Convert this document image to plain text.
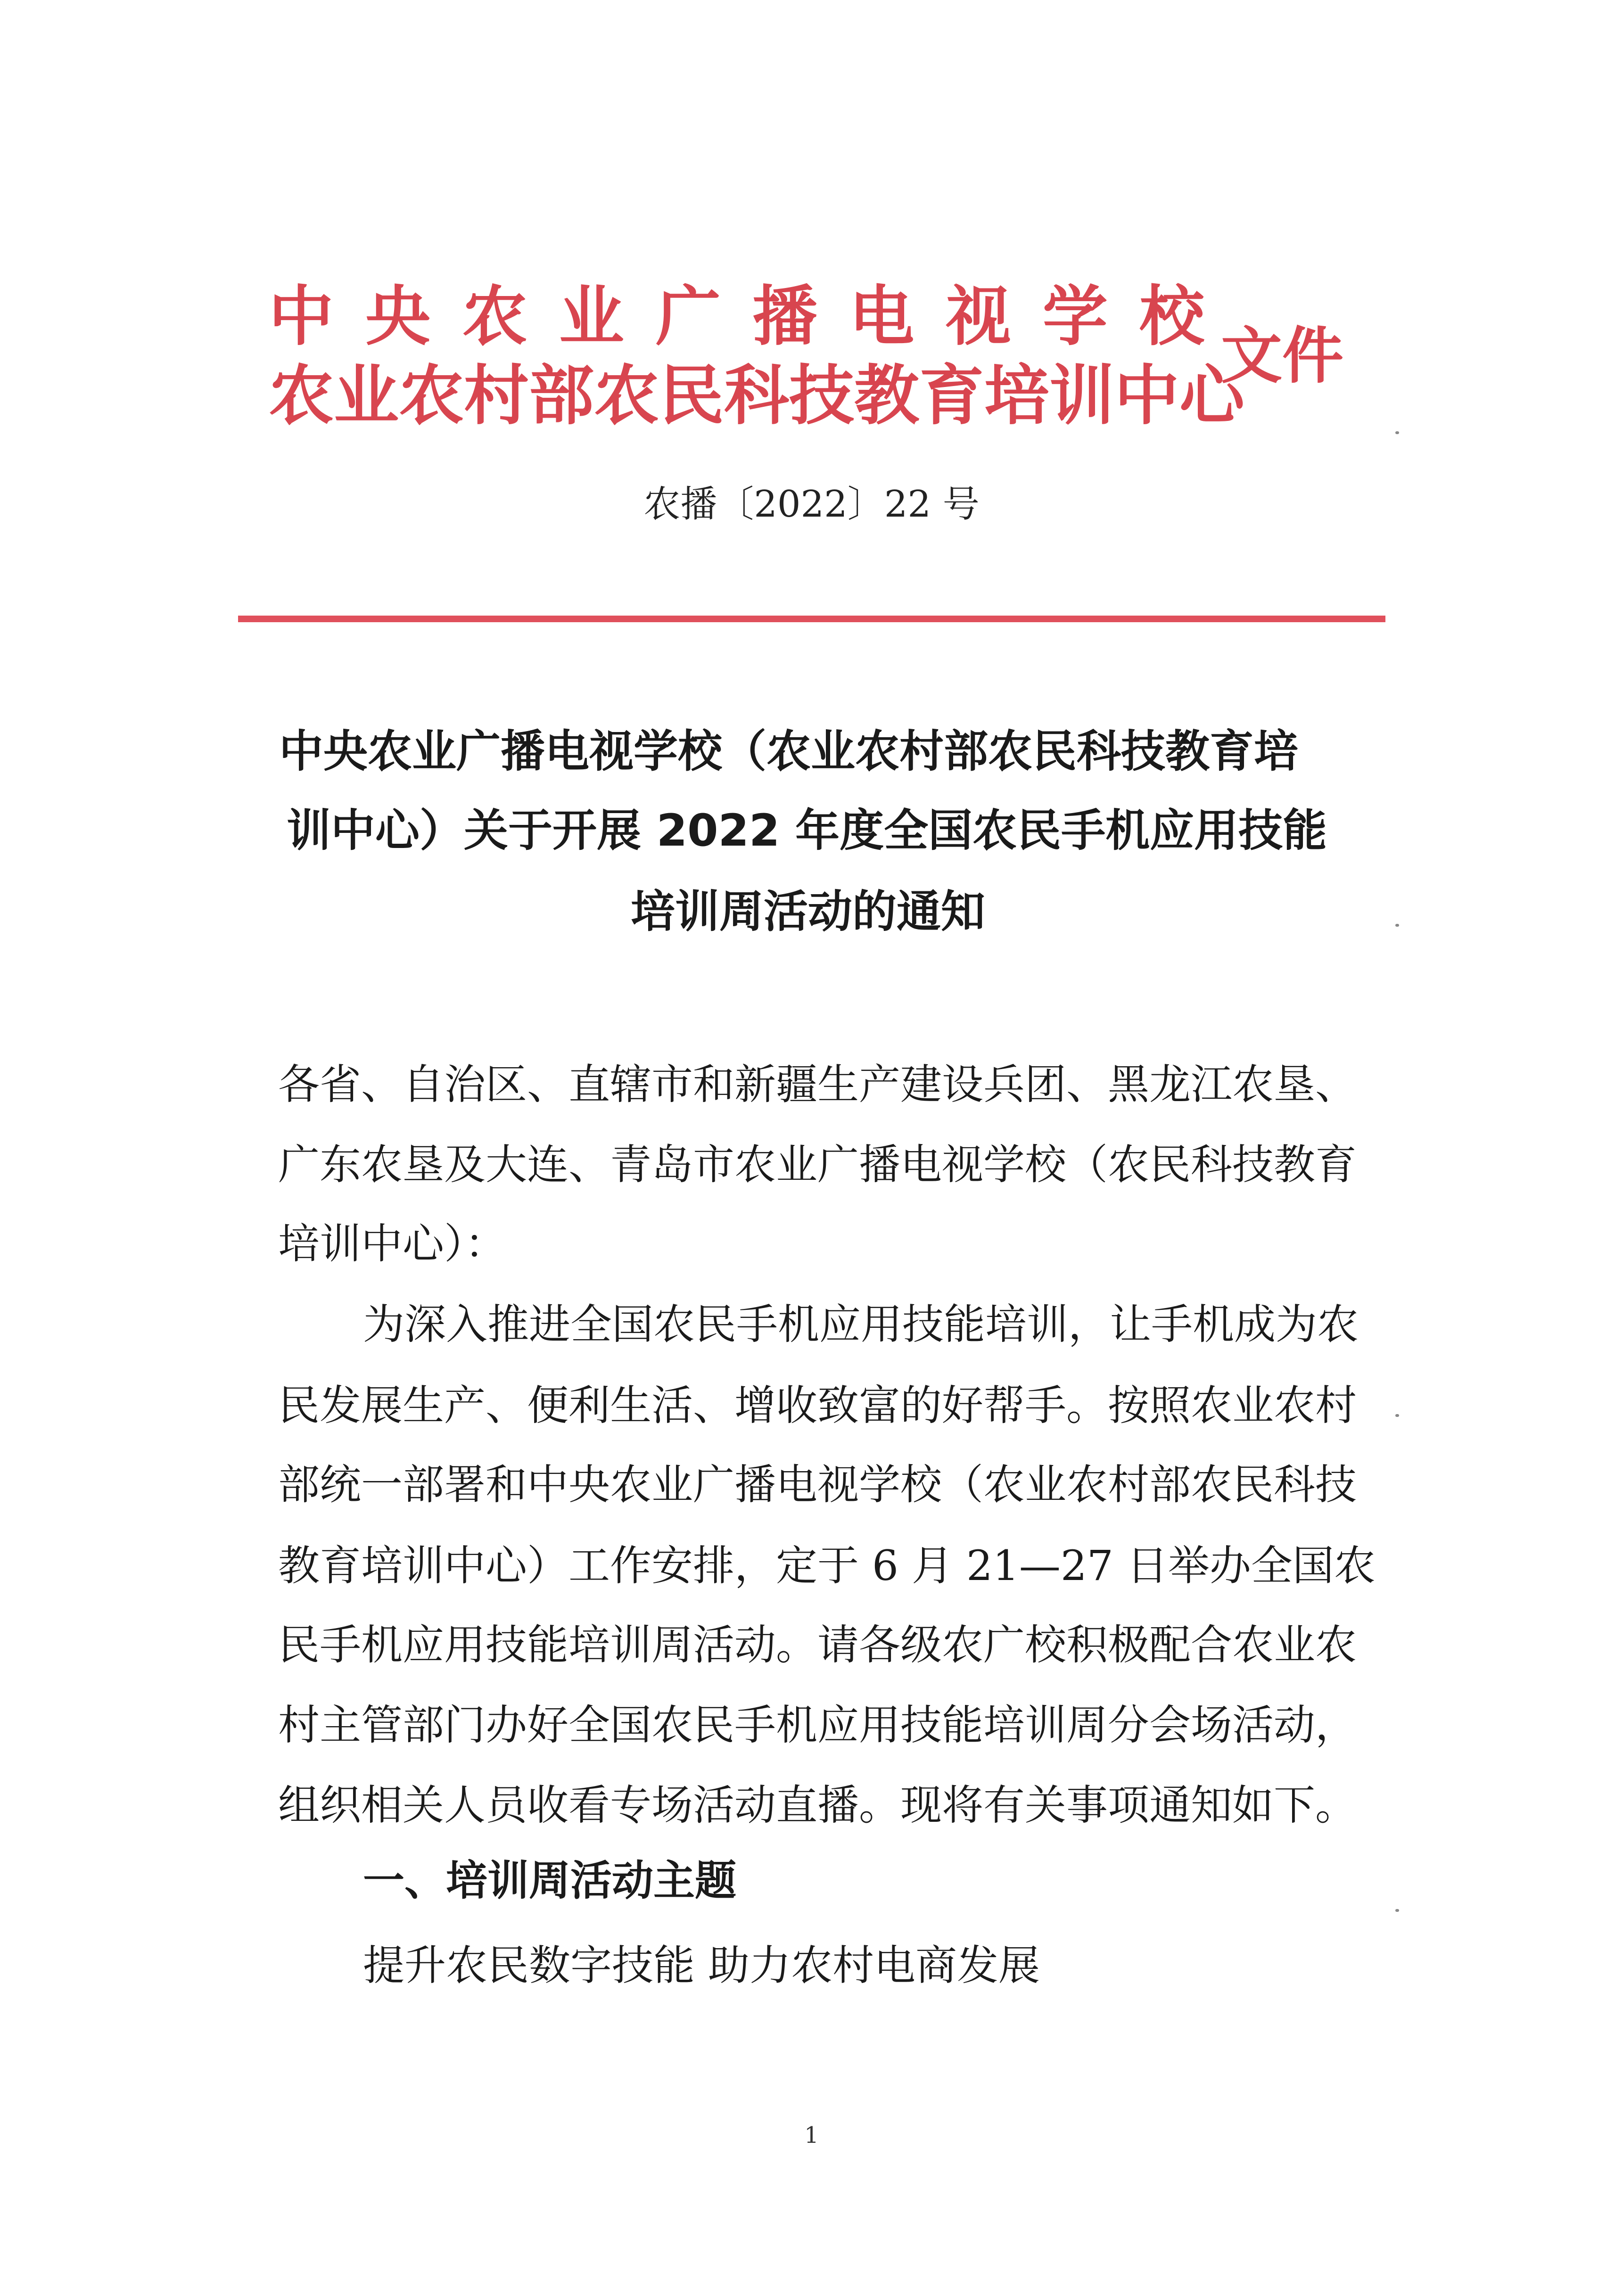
中央农业广播电视学校
农业农村部农民科技教育培训中心
文件
农播〔2022〕22 号
中央农业广播电视学校（农业农村部农民科技教育培
训中心）关于开展 2022 年度全国农民手机应用技能
培训周活动的通知
各省、自治区、直辖市和新疆生产建设兵团、黑龙江农垦、
广东农垦及大连、青岛市农业广播电视学校（农民科技教育
培训中心）：
为深入推进全国农民手机应用技能培训，让手机成为农
民发展生产、便利生活、增收致富的好帮手。按照农业农村
部统一部署和中央农业广播电视学校（农业农村部农民科技
教育培训中心）工作安排，定于 6 月 21—27 日举办全国农
民手机应用技能培训周活动。请各级农广校积极配合农业农
村主管部门办好全国农民手机应用技能培训周分会场活动，
组织相关人员收看专场活动直播。现将有关事项通知如下。
一、培训周活动主题
提升农民数字技能 助力农村电商发展
1
